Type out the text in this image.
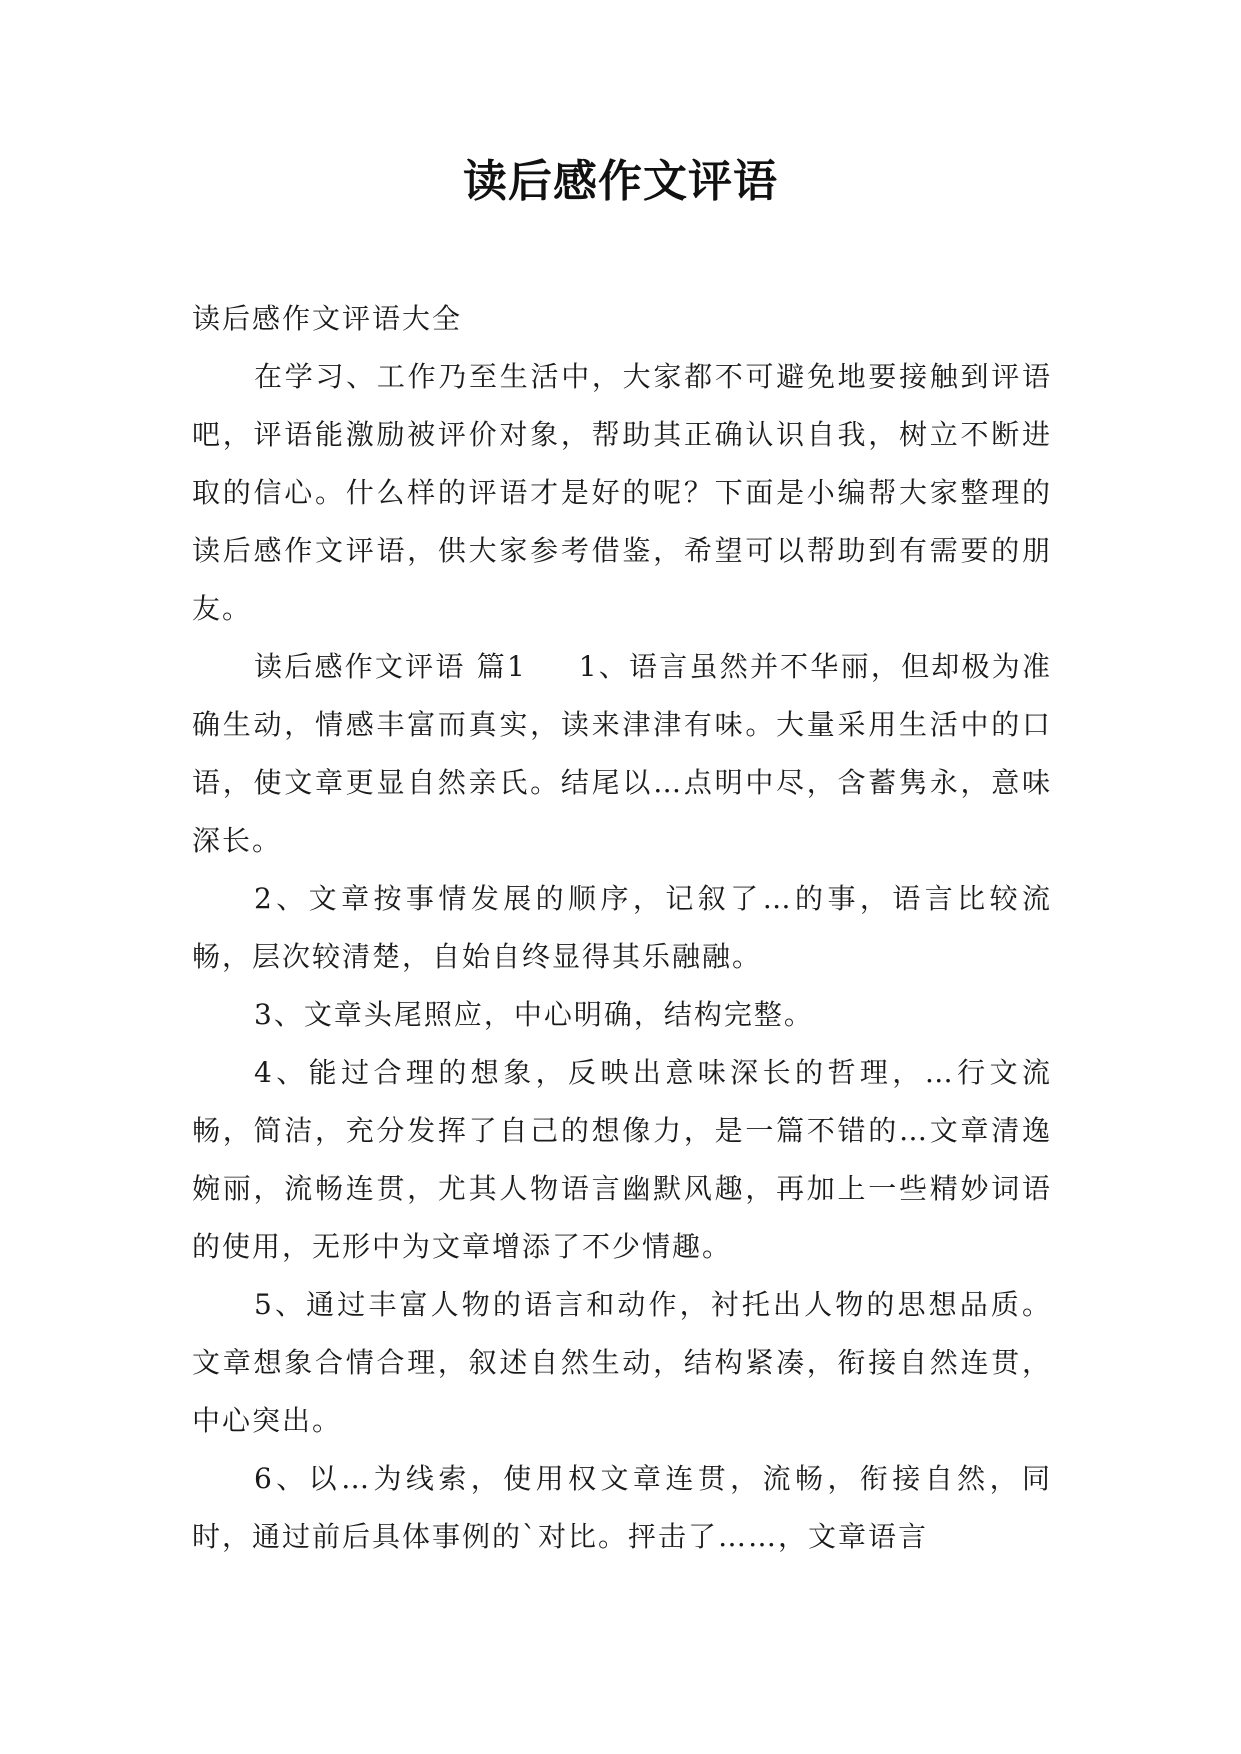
读后感作文评语

读后感作文评语大全

在学习、工作乃至生活中，大家都不可避免地要接触到评语吧，评语能激励被评价对象，帮助其正确认识自我，树立不断进取的信心。什么样的评语才是好的呢？下面是小编帮大家整理的读后感作文评语，供大家参考借鉴，希望可以帮助到有需要的朋友。

读后感作文评语 篇1 1、语言虽然并不华丽，但却极为准确生动，情感丰富而真实，读来津津有味。大量采用生活中的口语，使文章更显自然亲氏。结尾以…点明中尽，含蓄隽永，意味深长。

2、文章按事情发展的顺序，记叙了…的事，语言比较流畅，层次较清楚，自始自终显得其乐融融。

3、文章头尾照应，中心明确，结构完整。

4、能过合理的想象，反映出意味深长的哲理，…行文流畅，简洁，充分发挥了自己的想像力，是一篇不错的…文章清逸婉丽，流畅连贯，尤其人物语言幽默风趣，再加上一些精妙词语的使用，无形中为文章增添了不少情趣。

5、通过丰富人物的语言和动作，衬托出人物的思想品质。文章想象合情合理，叙述自然生动，结构紧凑，衔接自然连贯，中心突出。

6、以…为线索，使用权文章连贯，流畅，衔接自然，同时，通过前后具体事例的`对比。抨击了……，文章语言
